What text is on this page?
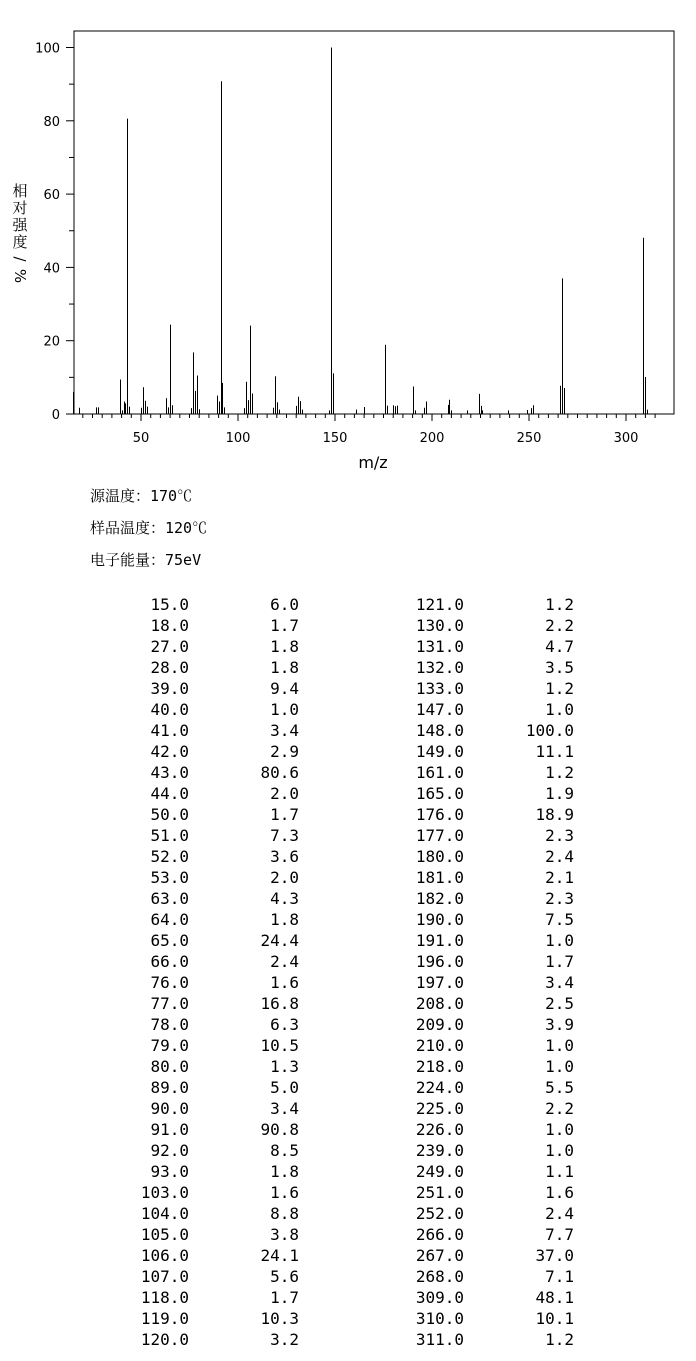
50	100	150	200	250	300
0
20
40
60
80
100
m/z
相
对
强
度
/
%
源温度：170℃
样品温度：120℃
电子能量：75eV
15.0	6.0	121.0	1.2
18.0	1.7	130.0	2.2
27.0	1.8	131.0	4.7
28.0	1.8	132.0	3.5
39.0	9.4	133.0	1.2
40.0	1.0	147.0	1.0
41.0	3.4	148.0	100.0
42.0	2.9	149.0	11.1
43.0	80.6	161.0	1.2
44.0	2.0	165.0	1.9
50.0	1.7	176.0	18.9
51.0	7.3	177.0	2.3
52.0	3.6	180.0	2.4
53.0	2.0	181.0	2.1
63.0	4.3	182.0	2.3
64.0	1.8	190.0	7.5
65.0	24.4	191.0	1.0
66.0	2.4	196.0	1.7
76.0	1.6	197.0	3.4
77.0	16.8	208.0	2.5
78.0	6.3	209.0	3.9
79.0	10.5	210.0	1.0
80.0	1.3	218.0	1.0
89.0	5.0	224.0	5.5
90.0	3.4	225.0	2.2
91.0	90.8	226.0	1.0
92.0	8.5	239.0	1.0
93.0	1.8	249.0	1.1
103.0	1.6	251.0	1.6
104.0	8.8	252.0	2.4
105.0	3.8	266.0	7.7
106.0	24.1	267.0	37.0
107.0	5.6	268.0	7.1
118.0	1.7	309.0	48.1
119.0	10.3	310.0	10.1
120.0	3.2	311.0	1.2
